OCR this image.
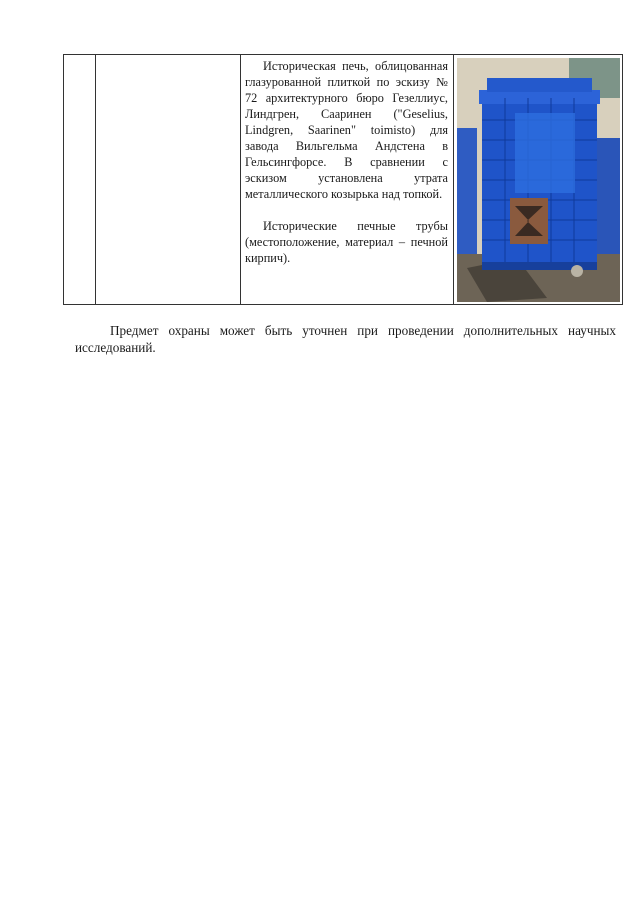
Историческая печь, облицованная глазурованной плиткой по эскизу № 72 архитектурного бюро Гезеллиус, Линдгрен, Сааринен ("Geselius, Lindgren, Saarinen" toimisto) для завода Вильгельма Андстена в Гельсингфорсе. В сравнении с эскизом установлена утрата металлического козырька над топкой.

Исторические печные трубы (местоположение, материал – печной кирпич).

Предмет охраны может быть уточнен при проведении дополнительных научных исследований.
